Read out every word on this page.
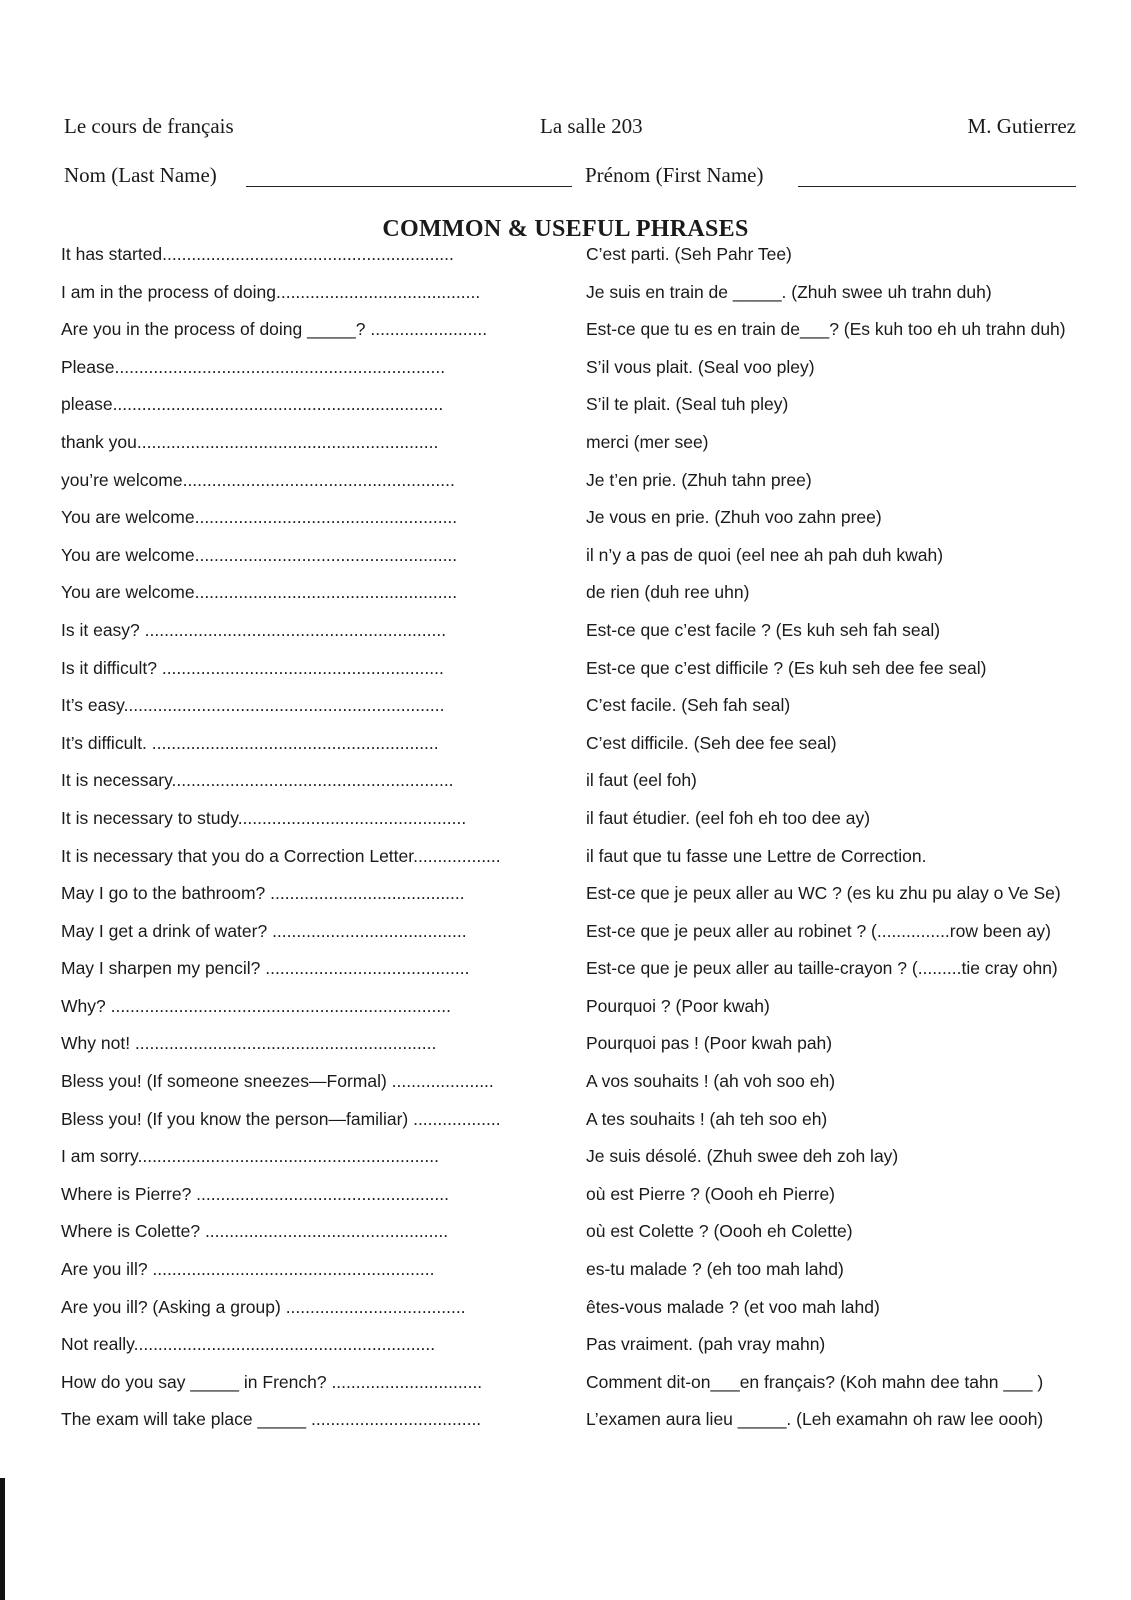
Le cours de français	La salle 203	M. Gutierrez
Nom (Last Name)	Prénom (First Name)
COMMON & USEFUL PHRASES
It has started............................................................	C’est parti. (Seh Pahr Tee)
I am in the process of doing..........................................	Je suis en train de _____. (Zhuh swee uh trahn duh)
Are you in the process of doing _____? ........................	Est-ce que tu es en train de___? (Es kuh too eh uh trahn duh)
Please....................................................................	S’il vous plait. (Seal voo pley)
please....................................................................	S’il te plait. (Seal tuh pley)
thank you..............................................................	merci (mer see)
you’re welcome........................................................	Je t’en prie. (Zhuh tahn pree)
You are welcome......................................................	Je vous en prie. (Zhuh voo zahn pree)
You are welcome......................................................	il n’y a pas de quoi (eel nee ah pah duh kwah)
You are welcome......................................................	de rien (duh ree uhn)
Is it easy? ..............................................................	Est-ce que c’est facile ? (Es kuh seh fah seal)
Is it difficult? ..........................................................	Est-ce que c’est difficile ? (Es kuh seh dee fee seal)
It’s easy..................................................................	C’est facile. (Seh fah seal)
It’s difficult. ...........................................................	C’est difficile. (Seh dee fee seal)
It is necessary..........................................................	il faut (eel foh)
It is necessary to study...............................................	il faut étudier. (eel foh eh too dee ay)
It is necessary that you do a Correction Letter..................	il faut que tu fasse une Lettre de Correction.
May I go to the bathroom? ........................................	Est-ce que je peux aller au WC ? (es ku zhu pu alay o Ve Se)
May I get a drink of water? ........................................	Est-ce que je peux aller au robinet ? (...............row been ay)
May I sharpen my pencil? ..........................................	Est-ce que je peux aller au taille-crayon ? (.........tie cray ohn)
Why? ......................................................................	Pourquoi ? (Poor kwah)
Why not! ..............................................................	Pourquoi pas ! (Poor kwah pah)
Bless you! (If someone sneezes—Formal) .....................	A vos souhaits ! (ah voh soo eh)
Bless you! (If you know the person—familiar) ..................	A tes souhaits ! (ah teh soo eh)
I am sorry..............................................................	Je suis désolé. (Zhuh swee deh zoh lay)
Where is Pierre? ....................................................	où est Pierre ? (Oooh eh Pierre)
Where is Colette? ..................................................	où est Colette ? (Oooh eh Colette)
Are you ill? ..........................................................	es-tu malade ? (eh too mah lahd)
Are you ill? (Asking a group) .....................................	êtes-vous malade ? (et voo mah lahd)
Not really..............................................................	Pas vraiment. (pah vray mahn)
How do you say _____ in French? ...............................	Comment dit-on___en français? (Koh mahn dee tahn ___ )
The exam will take place _____ ...................................	L’examen aura lieu _____. (Leh examahn oh raw lee oooh)
